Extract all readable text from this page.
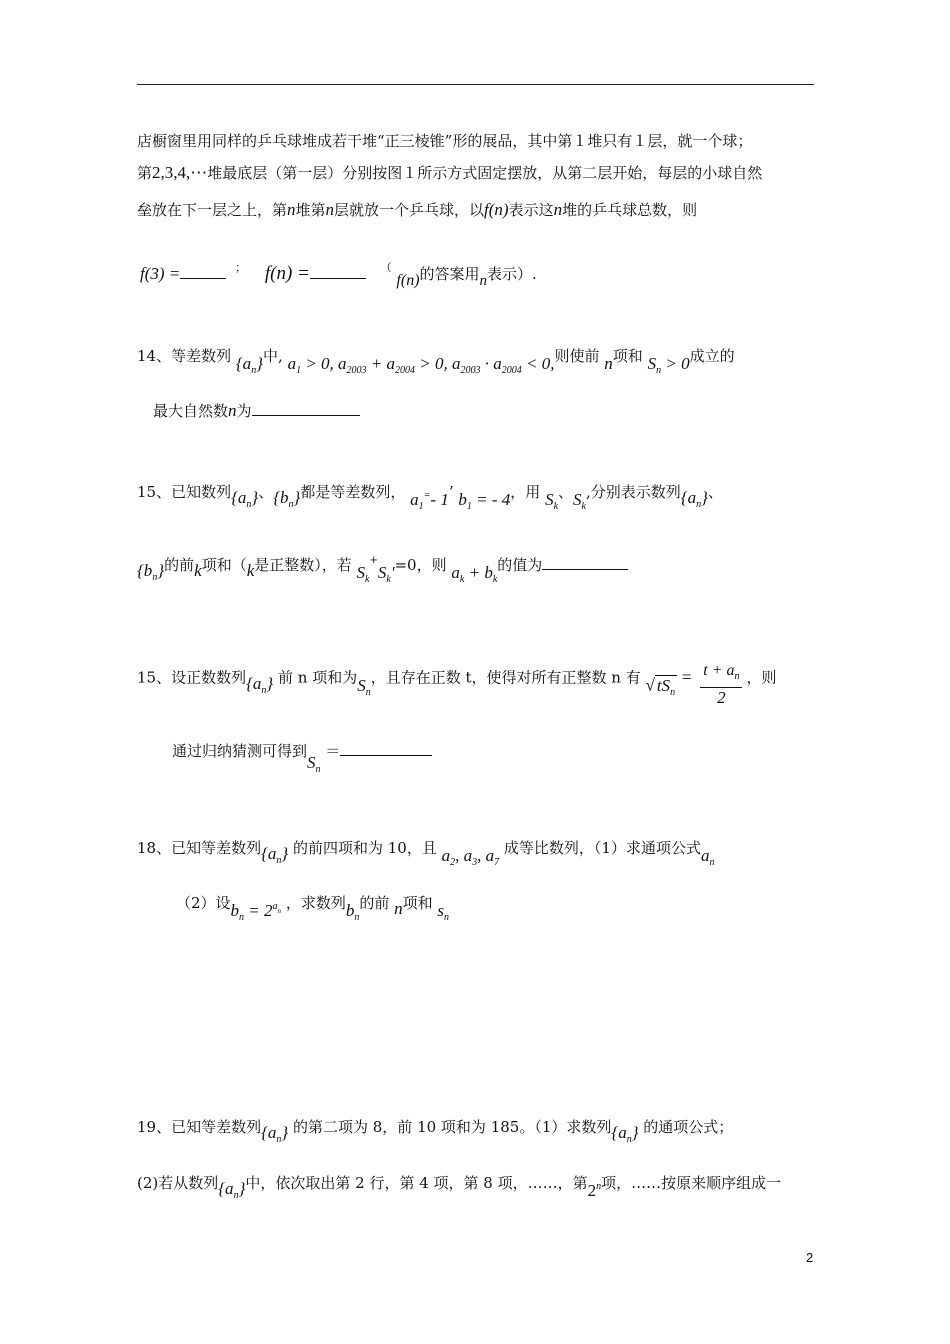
店橱窗里用同样的乒乓球堆成若干堆“正三棱锥”形的展品，其中第１堆只有１层，就一个球；
第2,3,4,⋯堆最底层（第一层）分别按图１所示方式固定摆放，从第二层开始，每层的小球自然
垒放在下一层之上，第n堆第n层就放一个乒乓球，以f(n)表示这n堆的乒乓球总数，则
f(3) =	； f(n) =	（ f(n)的答案用n表示）.
14、等差数列 $\{a_n\}$中, $a_1 > 0$, $a_{2003} + a_{2004} > 0$, $a_{2003} \cdot a_{2004} < 0$,则使前 n项和 $S_n > 0$成立的
最大自然数n为
15、已知数列$\{a_n\}$、$\{b_n\}$都是等差数列， $a_1^=-$ 1’ $b_1$ = - 4，用 $S_k$、$S_k$,分别表示数列$\{a_n\}$、
$\{b_n\}$的前k项和（k是正整数），若 $S_k^+S_k'=0$，则 $a_k + b_k$的值为
15、设正数数列$\{a_n\}$ 前 n 项和为$S_n$，且存在正数 t，使得对所有正整数 n 有 √ $tS_n = \frac{t + a_n}{2}$ ，则
通过归纳猜测可得到$S_n$ ＝
18、已知等差数列$\{a_n\}$ 的前四项和为 10，且 $a_2$, $a_3$, $a_7$ 成等比数列，（1）求通项公式$a_n$
（2）设$b_n = 2^{a_n}$ ，求数列$b_n$的前 n项和 $s_n$
19、已知等差数列$\{a_n\}$ 的第二项为 8，前 10 项和为 185。（1）求数列$\{a_n\}$ 的通项公式；
(2)若从数列$\{a_n\}$中，依次取出第 2 行，第 4 项，第 8 项，……，第2$^n$项，……按原来顺序组成一
2
